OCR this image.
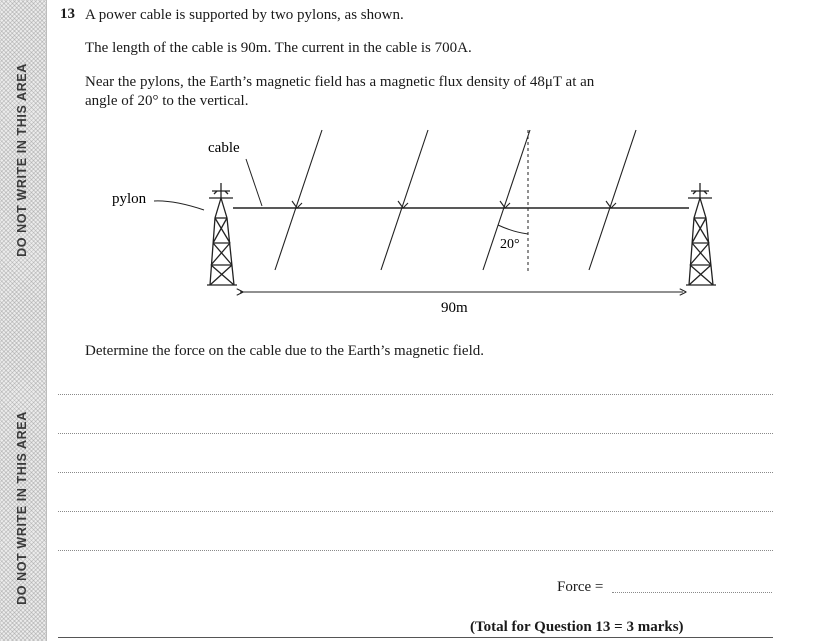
DO NOT WRITE IN THIS AREA
DO NOT WRITE IN THIS AREA
13 A power cable is supported by two pylons, as shown.
The length of the cable is 90m. The current in the cable is 700A.
Near the pylons, the Earth’s magnetic field has a magnetic flux density of 48μT at an
angle of 20° to the vertical.
20°
cable
pylon
90m
Determine the force on the cable due to the Earth’s magnetic field.
Force =
(Total for Question 13 = 3 marks)
